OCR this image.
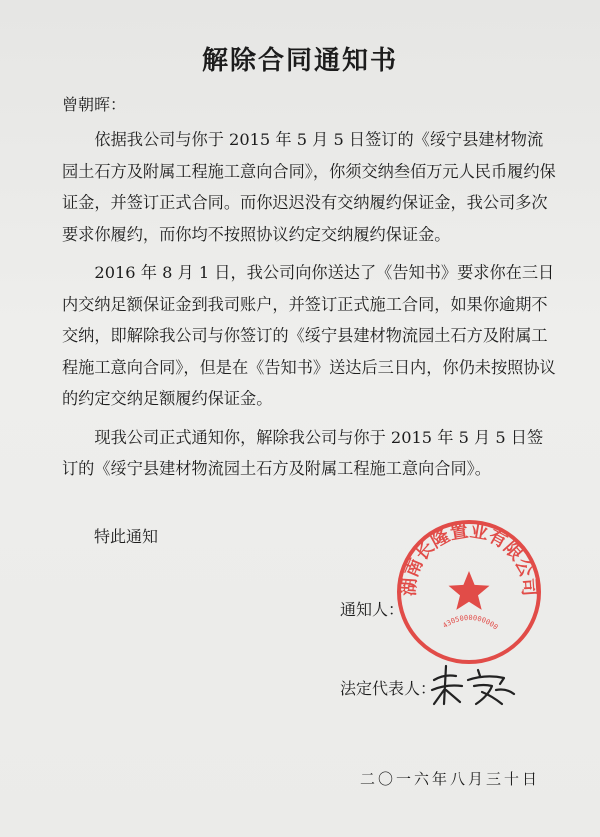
解除合同通知书
曾朝晖：

依据我公司与你于 2015 年 5 月 5 日签订的《绥宁县建材物流园土石方及附属工程施工意向合同》，你须交纳叁佰万元人民币履约保证金，并签订正式合同。而你迟迟没有交纳履约保证金，我公司多次要求你履约，而你均不按照协议约定交纳履约保证金。

2016 年 8 月 1 日，我公司向你送达了《告知书》要求你在三日内交纳足额保证金到我司账户，并签订正式施工合同，如果你逾期不交纳，即解除我公司与你签订的《绥宁县建材物流园土石方及附属工程施工意向合同》，但是在《告知书》送达后三日内，你仍未按照协议的约定交纳足额履约保证金。

现我公司正式通知你，解除我公司与你于 2015 年 5 月 5 日签订的《绥宁县建材物流园土石方及附属工程施工意向合同》。

特此通知
通知人：
法定代表人：
二〇一六年八月三十日
湖南长隆置业有限公司
4305000000000
